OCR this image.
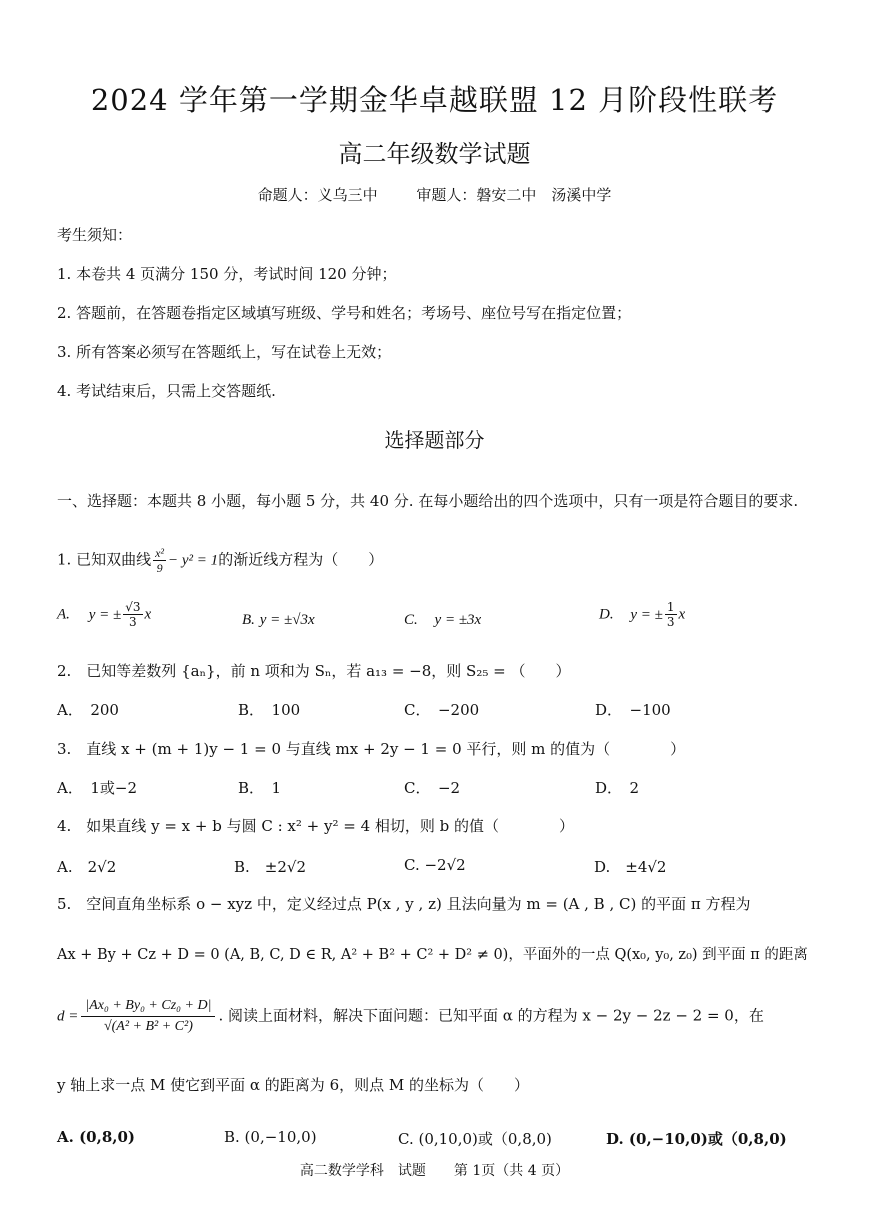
2024 学年第一学期金华卓越联盟 12 月阶段性联考
高二年级数学试题
命题人：义乌三中	审题人：磐安二中　汤溪中学
考生须知：
1. 本卷共 4 页满分 150 分，考试时间 120 分钟；
2. 答题前，在答题卷指定区域填写班级、学号和姓名；考场号、座位号写在指定位置；
3. 所有答案必须写在答题纸上，写在试卷上无效；
4. 考试结束后，只需上交答题纸.
选择题部分
一、选择题：本题共 8 小题，每小题 5 分，共 40 分. 在每小题给出的四个选项中，只有一项是符合题目的要求.
1. 已知双曲线 $\frac{\text{x²}}{9} - y^2 = 1$的渐近线方程为（　　）
A. y = ± $\frac{√3}{3}$ x	B. y = ±√3x	C. y = ±3x	D. y = ± $\frac{1}{3}$ x
2.　已知等差数列 {aₙ}，前 n 项和为 Sₙ，若 a₁₃ = −8，则 S₂₅ = （　　）
A．　200	B．　100	C．　−200	D．　−100
3.　直线 x + (m + 1)y − 1 = 0 与直线 mx + 2y − 1 = 0 平行，则 m 的值为（　　　　）
A．　1或−2	B．　1	C．　−2	D．　2
4.　如果直线 y = x + b 与圆 C : x² + y² = 4 相切，则 b 的值（　　　　）
A.　2√2	B.　±2√2	C. −2√2	D.　±4√2
5.　空间直角坐标系 o − xyz 中，定义经过点 P(x , y , z) 且法向量为 m = (A , B , C) 的平面 π 方程为
Ax + By + Cz + D = 0 (A, B, C, D ∈ R, A² + B² + C² + D² ≠ 0)，平面外的一点 Q(x₀, y₀, z₀) 到平面 π 的距离
$d = \frac{\text{|Ax₀ + By₀ + Cz₀ + D|}}{\text{√(A² + B² + C²)}}$ . 阅读上面材料，解决下面问题：已知平面 α 的方程为 x − 2y − 2z − 2 = 0，在
y 轴上求一点 M 使它到平面 α 的距离为 6，则点 M 的坐标为（　　）
A. (0,8,0)	B. (0,−10,0)	C. (0,10,0)或（0,8,0)	D. (0,−10,0)或（0,8,0)
高二数学学科　试题　　第 1页（共 4 页）
